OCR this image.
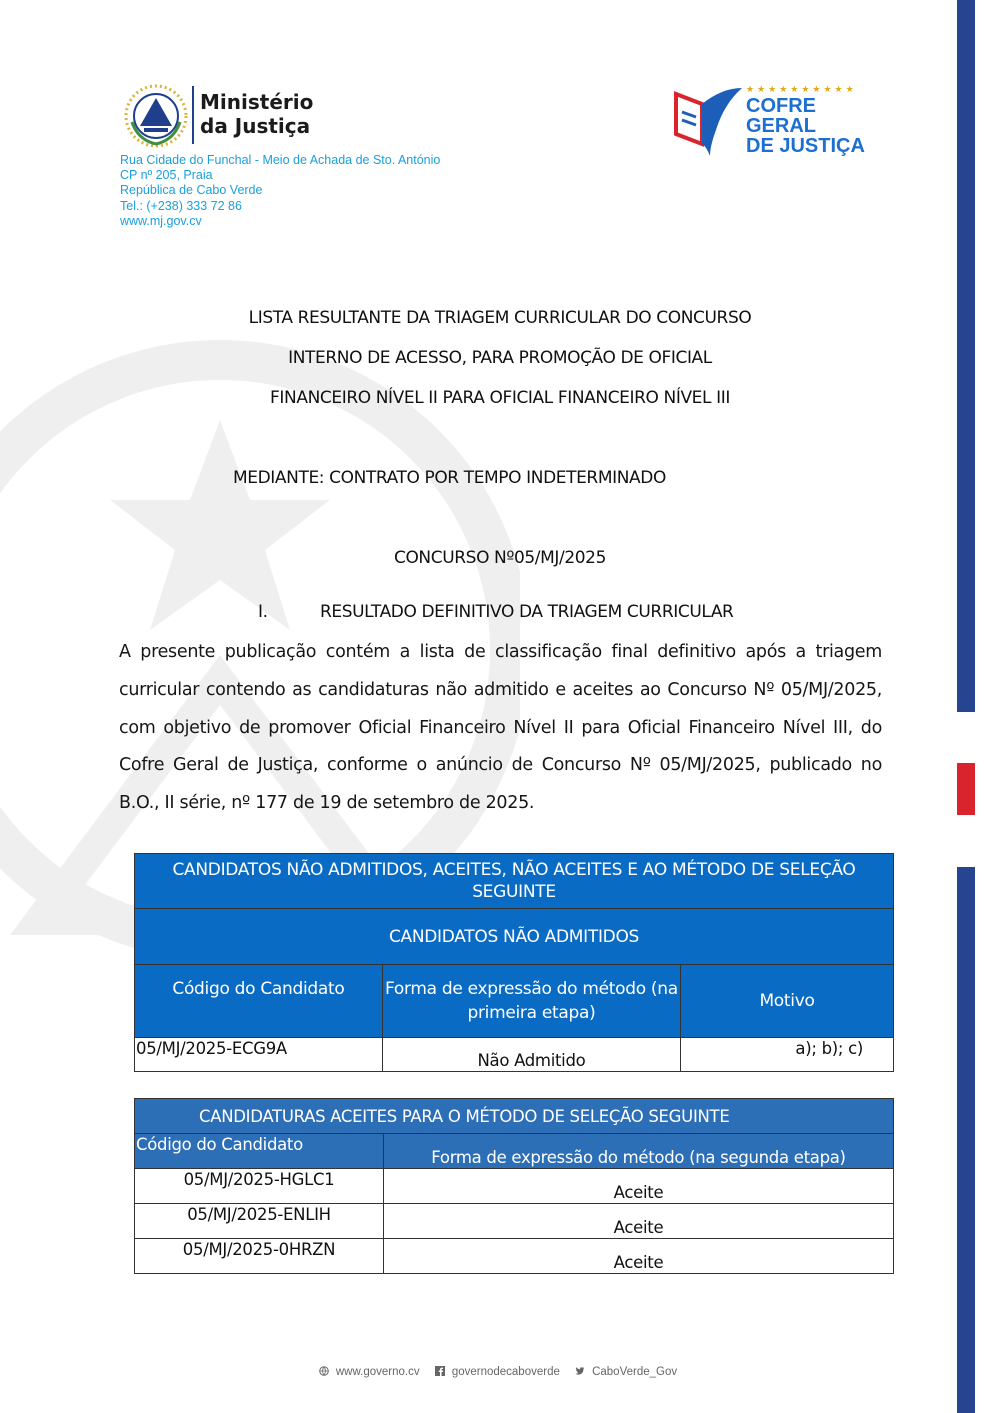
Ministério
da Justiça
Rua Cidade do Funchal - Meio de Achada de Sto. António
CP nº 205, Praia
República de Cabo Verde
Tel.: (+238) 333 72 86
www.mj.gov.cv
★★★★★★★★★★
COFRE GERAL
DE JUSTIÇA
LISTA RESULTANTE DA TRIAGEM CURRICULAR DO CONCURSO
INTERNO DE ACESSO, PARA PROMOÇÃO DE OFICIAL
FINANCEIRO NÍVEL II PARA OFICIAL FINANCEIRO NÍVEL III
MEDIANTE: CONTRATO POR TEMPO INDETERMINADO
CONCURSO Nº05/MJ/2025
I.	RESULTADO DEFINITIVO DA TRIAGEM CURRICULAR
A presente publicação contém a lista de classificação final definitivo após a triagem curricular contendo as candidaturas não admitido e aceites ao Concurso Nº 05/MJ/2025, com objetivo de promover Oficial Financeiro Nível II para Oficial Financeiro Nível III, do Cofre Geral de Justiça, conforme o anúncio de Concurso Nº 05/MJ/2025, publicado no B.O., II série, nº 177 de 19 de setembro de 2025.
CANDIDATOS NÃO ADMITIDOS, ACEITES, NÃO ACEITES E AO MÉTODO DE SELEÇÃO SEGUINTE		
CANDIDATOS NÃO ADMITIDOS		
Código do Candidato	Forma de expressão do método (na primeira etapa)	Motivo
05/MJ/2025-ECG9A	Não Admitido	a); b); c)
CANDIDATURAS ACEITES PARA O MÉTODO DE SELEÇÃO SEGUINTE	
Código do Candidato	Forma de expressão do método (na segunda etapa)
05/MJ/2025-HGLC1	Aceite
05/MJ/2025-ENLIH	Aceite
05/MJ/2025-0HRZN	Aceite
www.governo.cv	governodecaboverde	CaboVerde_Gov
